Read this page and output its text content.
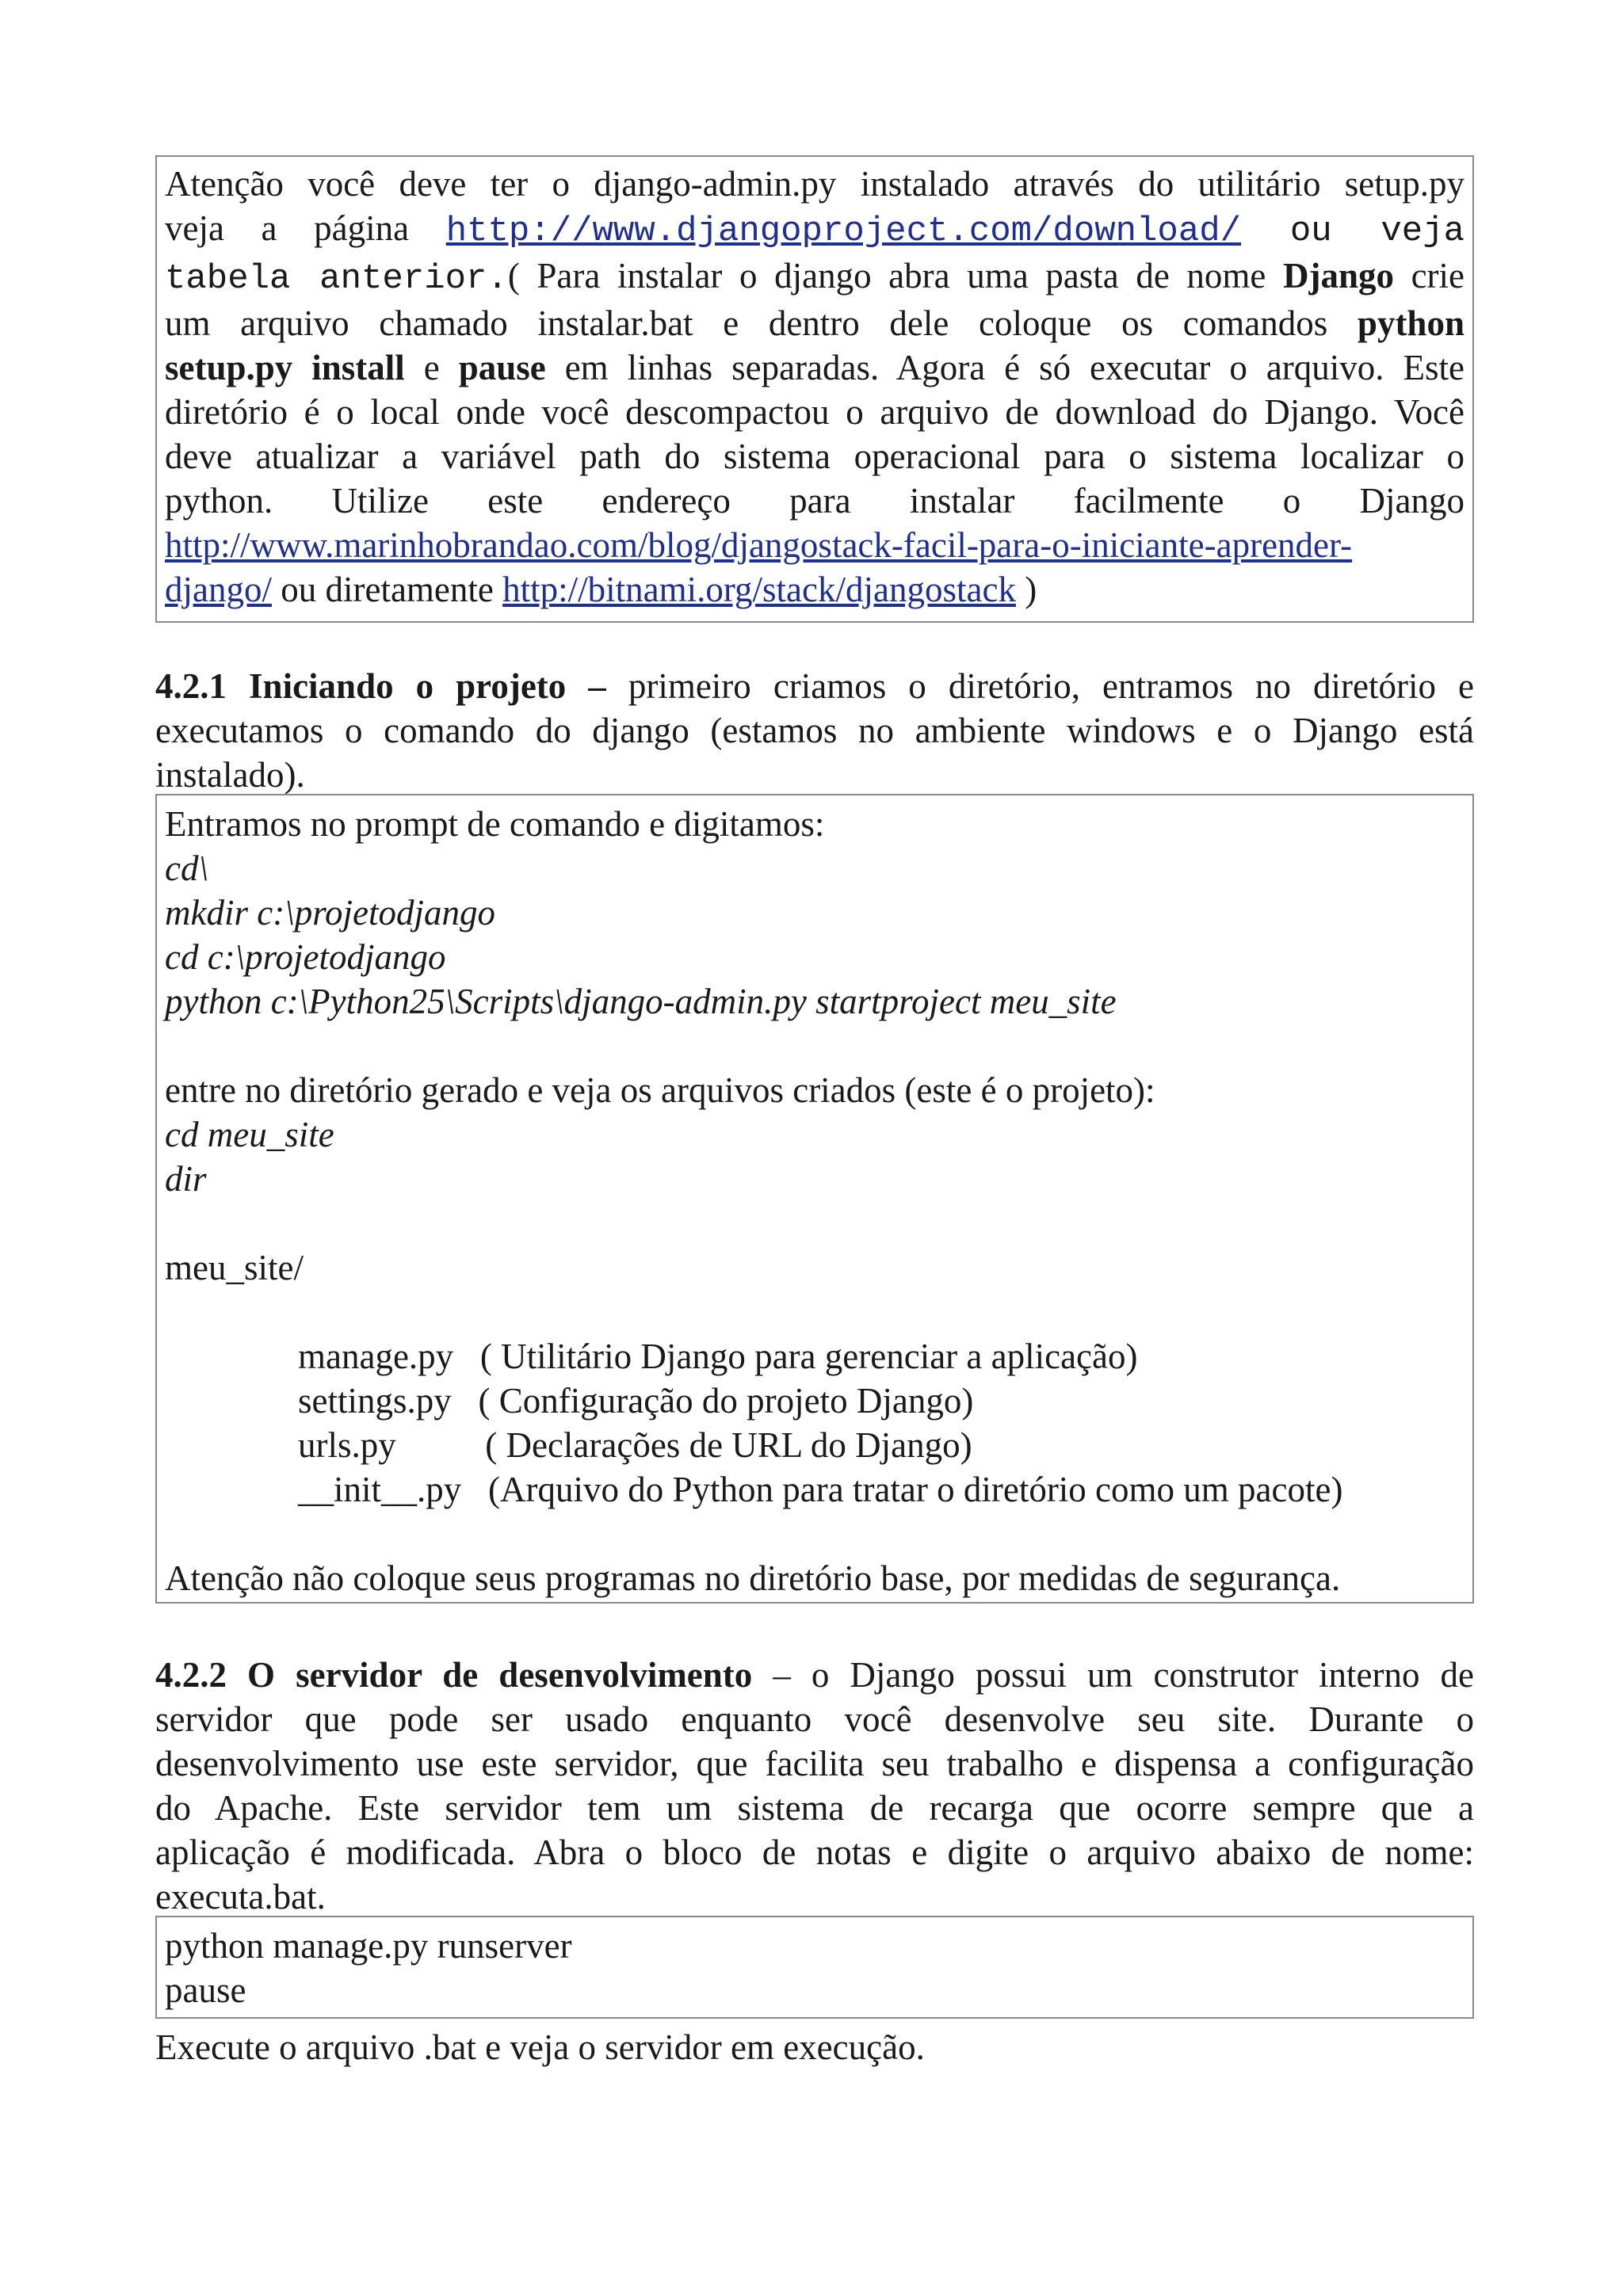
Atenção você deve ter o django-admin.py instalado através do utilitário setup.py
veja a página http://www.djangoproject.com/download/ ou veja
tabela anterior.( Para instalar o django abra uma pasta de nome Django crie
um arquivo chamado instalar.bat e dentro dele coloque os comandos python
setup.py install e pause em linhas separadas. Agora é só executar o arquivo. Este
diretório é o local onde você descompactou o arquivo de download do Django. Você
deve atualizar a variável path do sistema operacional para o sistema localizar o
python. Utilize este endereço para instalar facilmente o Django
http://www.marinhobrandao.com/blog/djangostack-facil-para-o-iniciante-aprender-
django/ ou diretamente http://bitnami.org/stack/djangostack )
4.2.1 Iniciando o projeto – primeiro criamos o diretório, entramos no diretório e
executamos o comando do django (estamos no ambiente windows e o Django está
instalado).
Entramos no prompt de comando e digitamos:
cd\
mkdir c:\projetodjango
cd c:\projetodjango
python c:\Python25\Scripts\django-admin.py startproject meu_site
entre no diretório gerado e veja os arquivos criados (este é o projeto):
cd meu_site
dir
meu_site/
manage.py   ( Utilitário Django para gerenciar a aplicação)
settings.py   ( Configuração do projeto Django)
urls.py          ( Declarações de URL do Django)
__init__.py   (Arquivo do Python para tratar o diretório como um pacote)
Atenção não coloque seus programas no diretório base, por medidas de segurança.
4.2.2 O servidor de desenvolvimento – o Django possui um construtor interno de
servidor que pode ser usado enquanto você desenvolve seu site. Durante o
desenvolvimento use este servidor, que facilita seu trabalho e dispensa a configuração
do Apache. Este servidor tem um sistema de recarga que ocorre sempre que a
aplicação é modificada. Abra o bloco de notas e digite o arquivo abaixo de nome:
executa.bat.
python manage.py runserver
pause
Execute o arquivo .bat e veja o servidor em execução.
